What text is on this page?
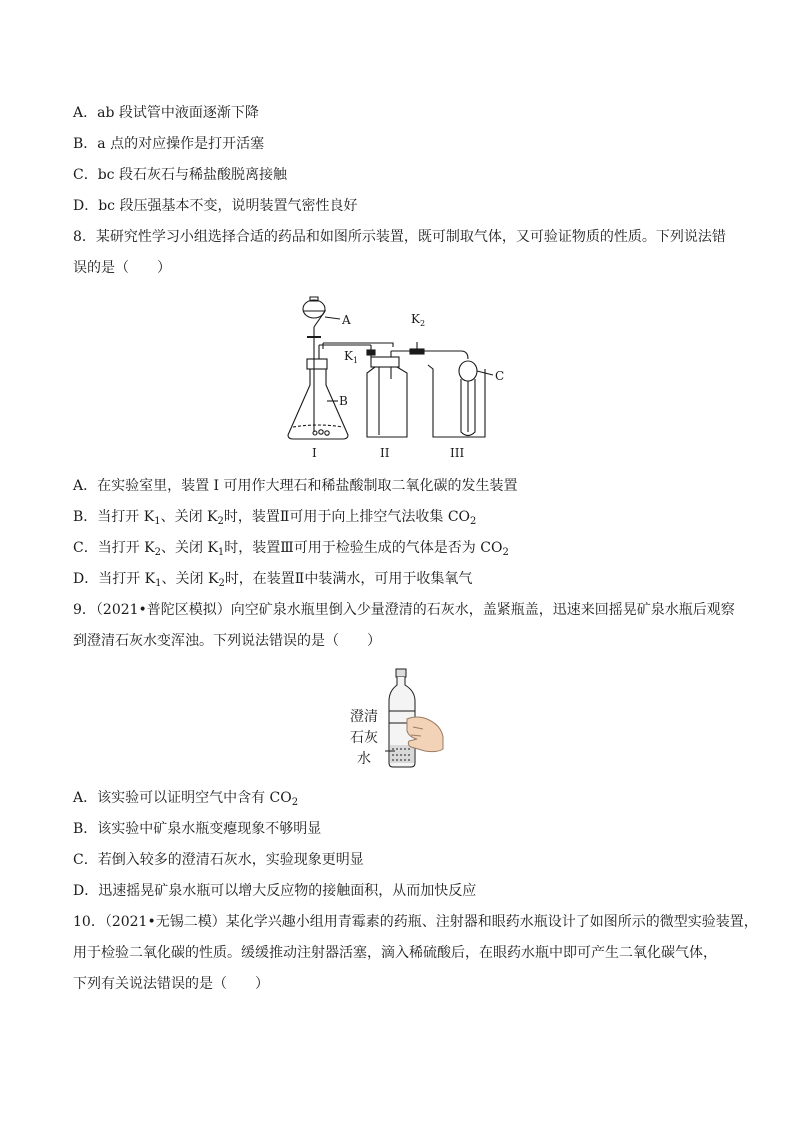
A．ab 段试管中液面逐渐下降
B．a 点的对应操作是打开活塞
C．bc 段石灰石与稀盐酸脱离接触
D．bc 段压强基本不变，说明装置气密性良好
8．某研究性学习小组选择合适的药品和如图所示装置，既可制取气体，又可验证物质的性质。下列说法错
误的是（　　）
A
B
C
$K_1$
$K_2$
I	II	III
A．在实验室里，装置 I 可用作大理石和稀盐酸制取二氧化碳的发生装置
B．当打开 $K_1$、关闭 $K_2$时，装置Ⅱ可用于向上排空气法收集 $CO_2$
C．当打开 $K_2$、关闭 $K_1$时，装置Ⅲ可用于检验生成的气体是否为 $CO_2$
D．当打开 $K_1$、关闭 $K_2$时，在装置Ⅱ中装满水，可用于收集氧气
9．（2021•普陀区模拟）向空矿泉水瓶里倒入少量澄清的石灰水，盖紧瓶盖，迅速来回摇晃矿泉水瓶后观察
到澄清石灰水变浑浊。下列说法错误的是（　　）
澄清
石灰
水
A．该实验可以证明空气中含有 $CO_2$
B．该实验中矿泉水瓶变瘪现象不够明显
C．若倒入较多的澄清石灰水，实验现象更明显
D．迅速摇晃矿泉水瓶可以增大反应物的接触面积，从而加快反应
10．（2021•无锡二模）某化学兴趣小组用青霉素的药瓶、注射器和眼药水瓶设计了如图所示的微型实验装置，
用于检验二氧化碳的性质。缓缓推动注射器活塞，滴入稀硫酸后，在眼药水瓶中即可产生二氧化碳气体，
下列有关说法错误的是（　　）
